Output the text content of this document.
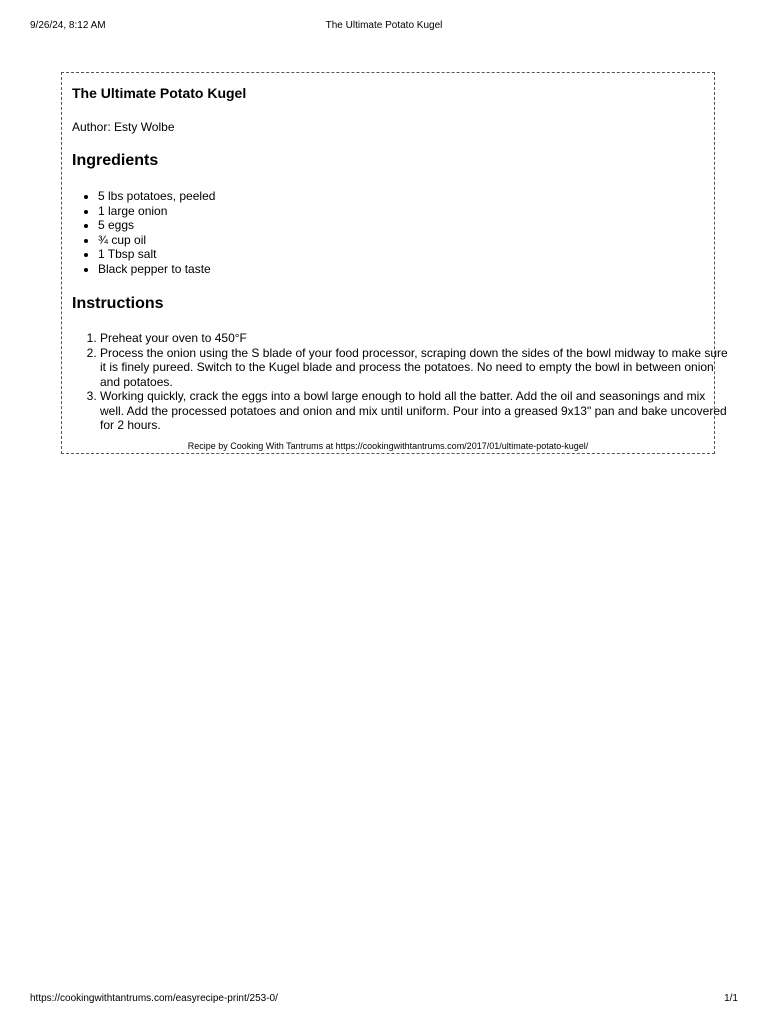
9/26/24, 8:12 AM	The Ultimate Potato Kugel
The Ultimate Potato Kugel
Author: Esty Wolbe
Ingredients
• 5 lbs potatoes, peeled
• 1 large onion
• 5 eggs
• ¾ cup oil
• 1 Tbsp salt
• Black pepper to taste
Instructions
1. Preheat your oven to 450°F
2. Process the onion using the S blade of your food processor, scraping down the sides of the bowl midway to make sure it is finely pureed. Switch to the Kugel blade and process the potatoes. No need to empty the bowl in between onion and potatoes.
3. Working quickly, crack the eggs into a bowl large enough to hold all the batter. Add the oil and seasonings and mix well. Add the processed potatoes and onion and mix until uniform. Pour into a greased 9x13" pan and bake uncovered for 2 hours.
Recipe by Cooking With Tantrums at https://cookingwithtantrums.com/2017/01/ultimate-potato-kugel/
https://cookingwithtantrums.com/easyrecipe-print/253-0/	1/1
